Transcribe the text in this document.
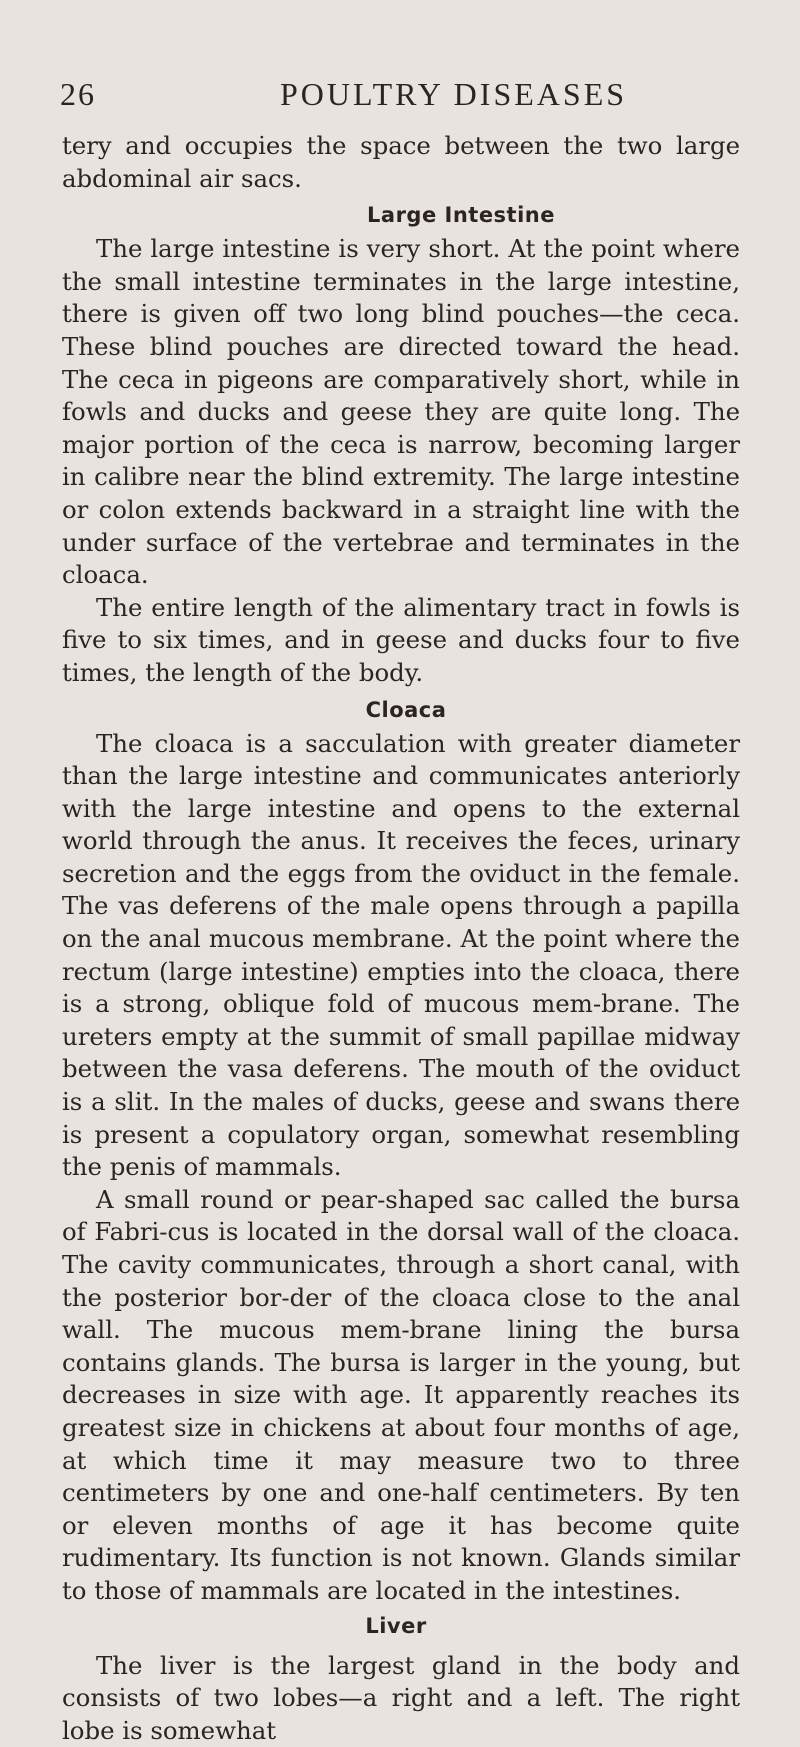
26	POULTRY DISEASES

tery and occupies the space between the two large abdominal air sacs.

Large Intestine

The large intestine is very short. At the point where the small intestine terminates in the large intestine, there is given off two long blind pouches—the ceca. These blind pouches are directed toward the head. The ceca in pigeons are comparatively short, while in fowls and ducks and geese they are quite long. The major portion of the ceca is narrow, becoming larger in calibre near the blind extremity. The large intestine or colon extends backward in a straight line with the under surface of the vertebrae and terminates in the cloaca.

The entire length of the alimentary tract in fowls is five to six times, and in geese and ducks four to five times, the length of the body.

Cloaca

The cloaca is a sacculation with greater diameter than the large intestine and communicates anteriorly with the large intestine and opens to the external world through the anus. It receives the feces, urinary secretion and the eggs from the oviduct in the female. The vas deferens of the male opens through a papilla on the anal mucous membrane. At the point where the rectum (large intestine) empties into the cloaca, there is a strong, oblique fold of mucous mem-brane. The ureters empty at the summit of small papillae midway between the vasa deferens. The mouth of the oviduct is a slit. In the males of ducks, geese and swans there is present a copulatory organ, somewhat resembling the penis of mammals.

A small round or pear-shaped sac called the bursa of Fabri-cus is located in the dorsal wall of the cloaca. The cavity communicates, through a short canal, with the posterior bor-der of the cloaca close to the anal wall. The mucous mem-brane lining the bursa contains glands. The bursa is larger in the young, but decreases in size with age. It apparently reaches its greatest size in chickens at about four months of age, at which time it may measure two to three centimeters by one and one-half centimeters. By ten or eleven months of age it has become quite rudimentary. Its function is not known. Glands similar to those of mammals are located in the intestines.

Liver

The liver is the largest gland in the body and consists of two lobes—a right and a left. The right lobe is somewhat
